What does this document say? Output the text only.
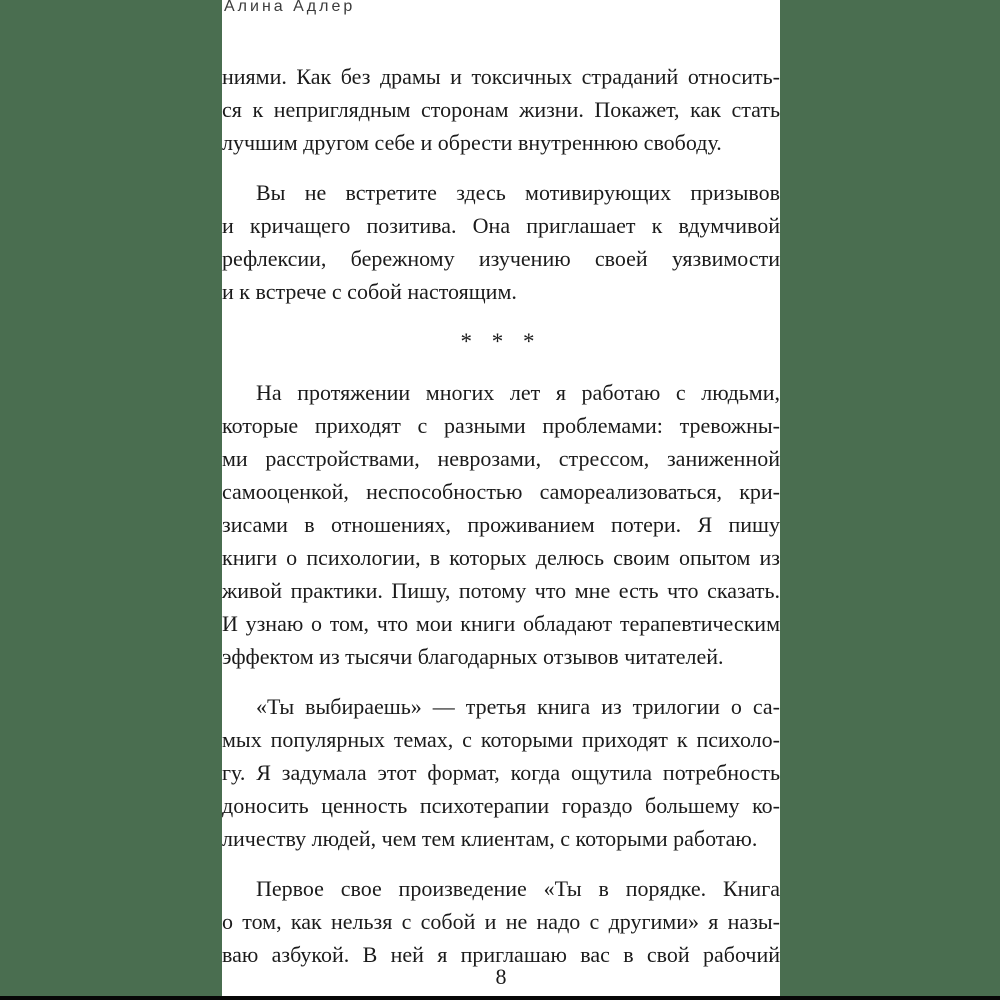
Алина Адлер
ниями. Как без драмы и токсичных страданий относить-
ся к неприглядным сторонам жизни. Покажет, как стать
лучшим другом себе и обрести внутреннюю свободу.
Вы не встретите здесь мотивирующих призывов
и кричащего позитива. Она приглашает к вдумчивой
рефлексии, бережному изучению своей уязвимости
и к встрече с собой настоящим.
* * *
На протяжении многих лет я работаю с людьми,
которые приходят с разными проблемами: тревожны-
ми расстройствами, неврозами, стрессом, заниженной
самооценкой, неспособностью самореализоваться, кри-
зисами в отношениях, проживанием потери. Я пишу
книги о психологии, в которых делюсь своим опытом из
живой практики. Пишу, потому что мне есть что сказать.
И узнаю о том, что мои книги обладают терапевтическим
эффектом из тысячи благодарных отзывов читателей.
«Ты выбираешь» — третья книга из трилогии о са-
мых популярных темах, с которыми приходят к психоло-
гу. Я задумала этот формат, когда ощутила потребность
доносить ценность психотерапии гораздо большему ко-
личеству людей, чем тем клиентам, с которыми работаю.
Первое свое произведение «Ты в порядке. Книга
о том, как нельзя с собой и не надо с другими» я назы-
ваю азбукой. В ней я приглашаю вас в свой рабочий
8
